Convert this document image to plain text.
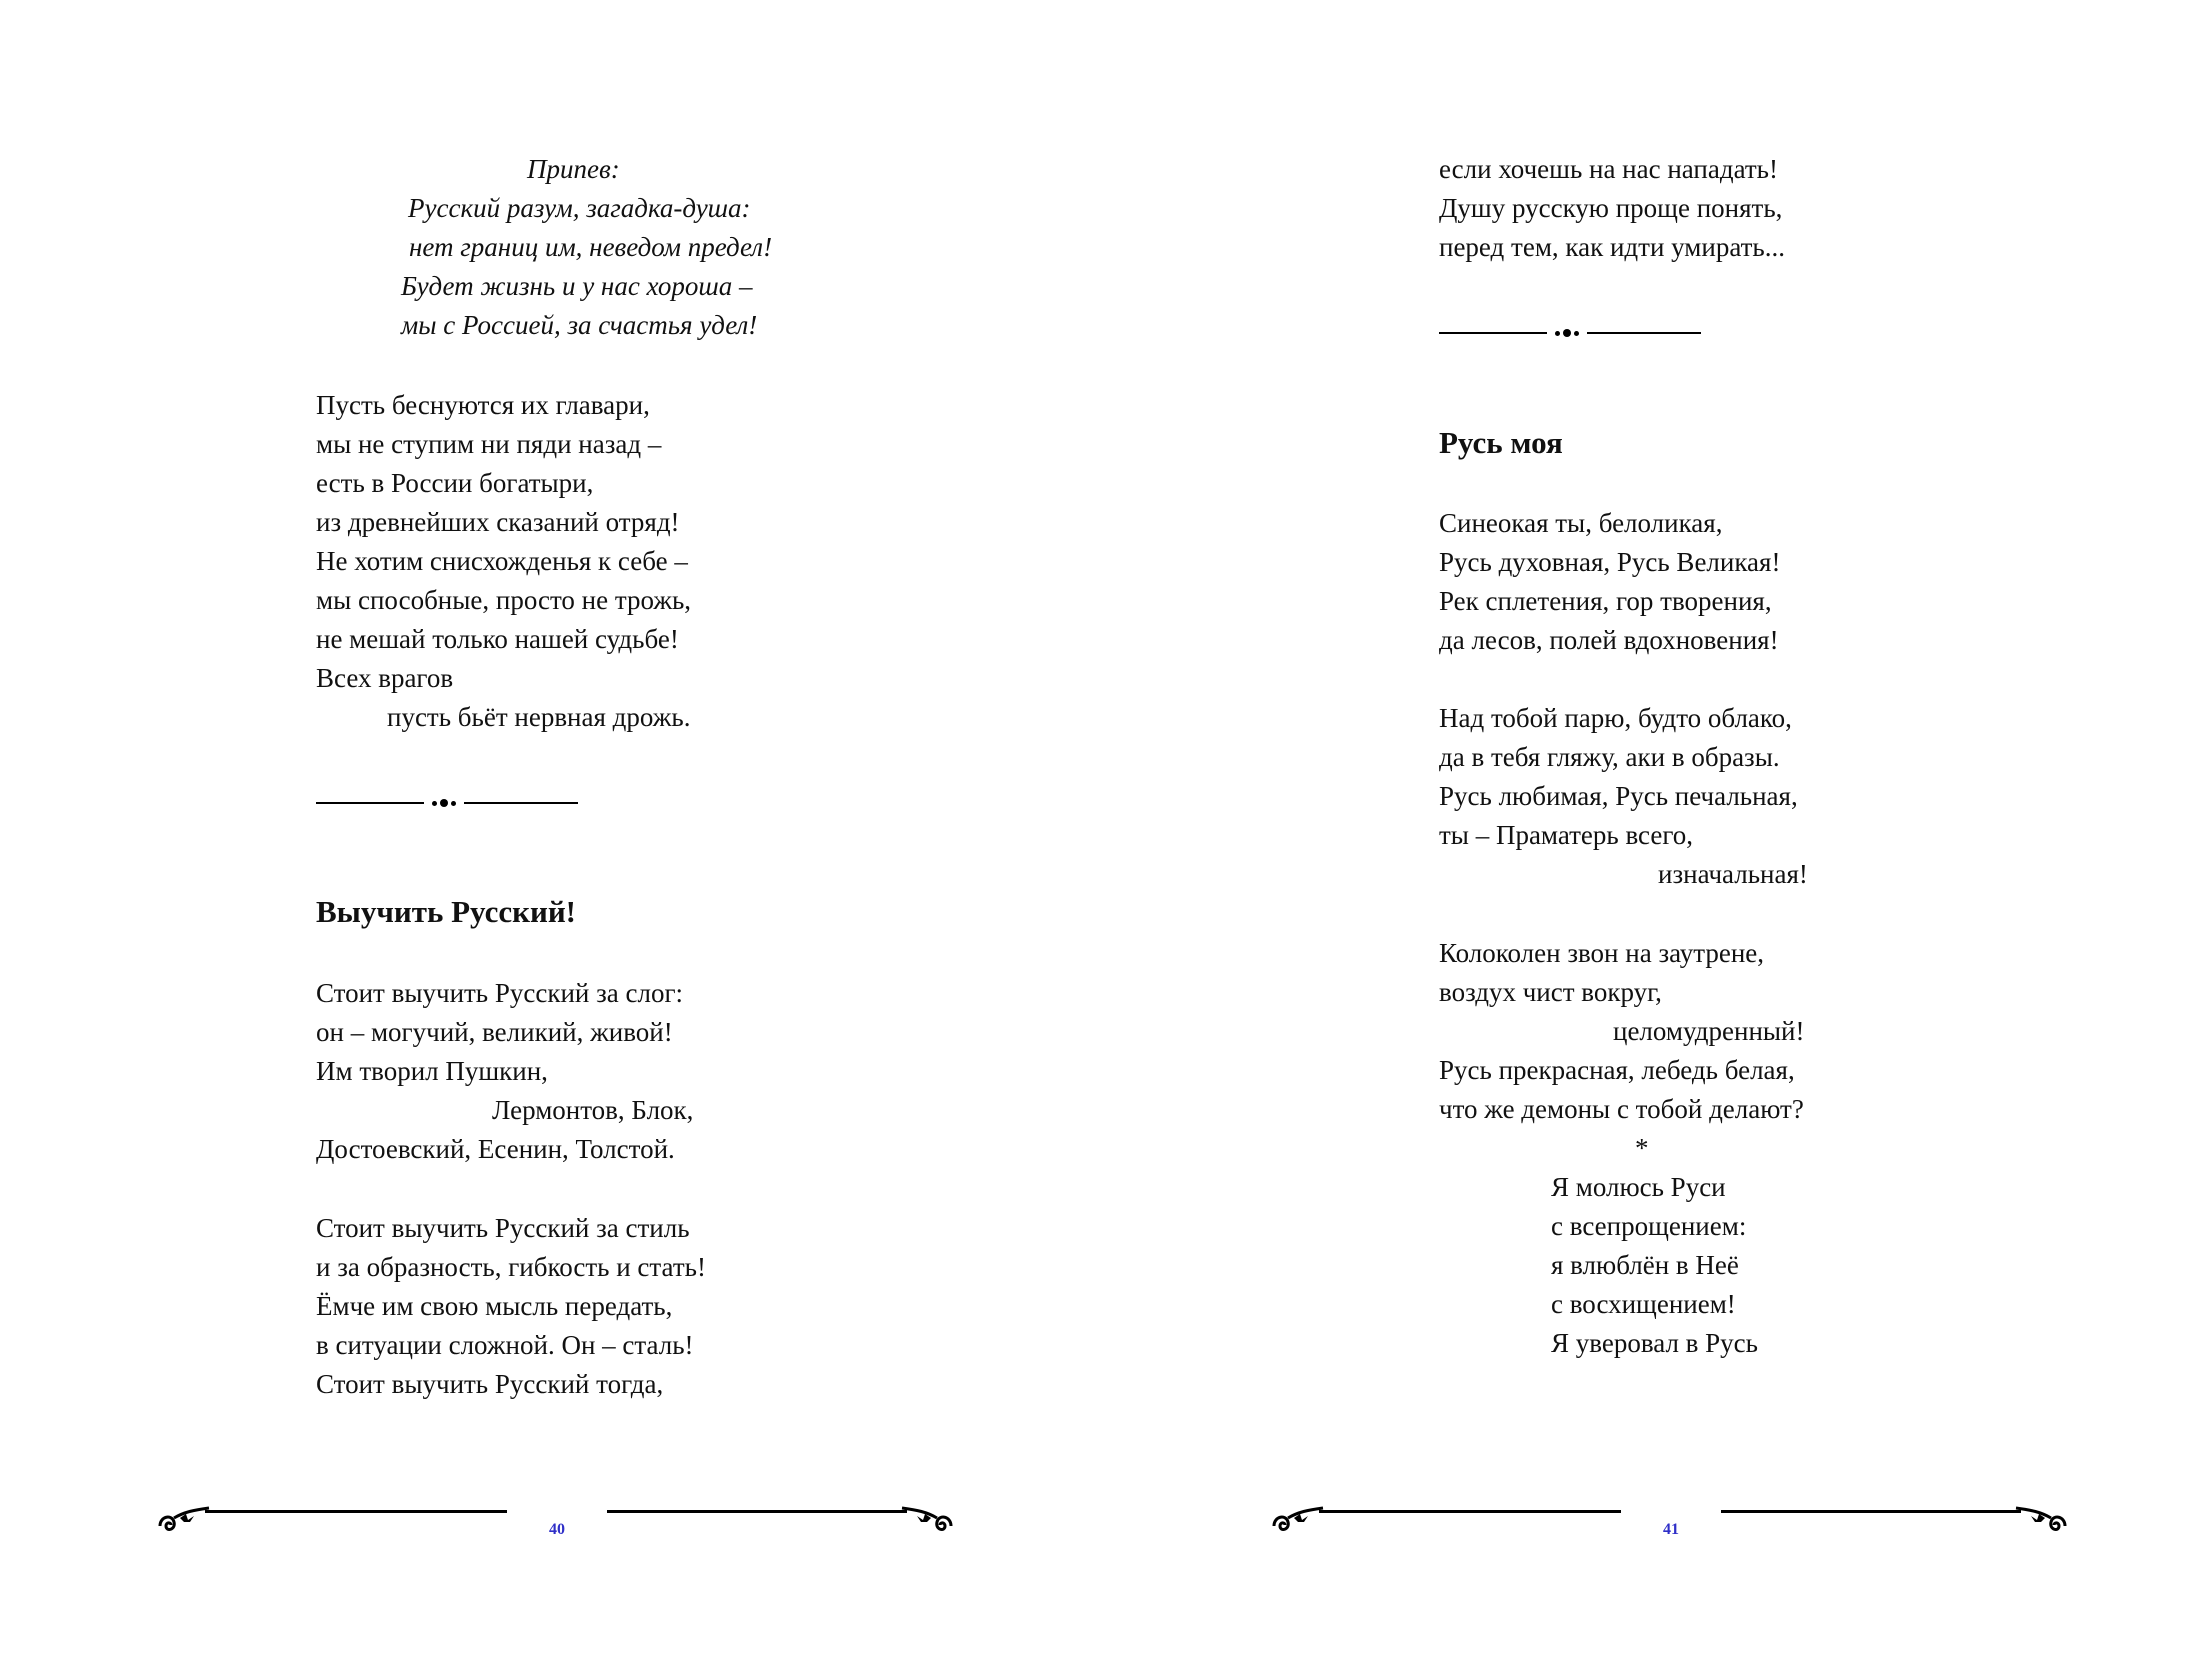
Припев:
Русский разум, загадка-душа:
нет границ им, неведом предел!
Будет жизнь и у нас хороша –
мы с Россией, за счастья удел!
Пусть беснуются их главари,
мы не ступим ни пяди назад –
есть в России богатыри,
из древнейших сказаний отряд!
Не хотим снисхожденья к себе –
мы способные, просто не трожь,
не мешай только нашей судьбе!
Всех врагов
пусть бьёт нервная дрожь.
Выучить Русский!
Стоит выучить Русский за слог:
он – могучий, великий, живой!
Им творил Пушкин,
Лермонтов, Блок,
Достоевский, Есенин, Толстой.
Стоит выучить Русский за стиль
и за образность, гибкость и стать!
Ёмче им свою мысль передать,
в ситуации сложной. Он – сталь!
Стоит выучить Русский тогда,
40
если хочешь на нас нападать!
Душу русскую проще понять,
перед тем, как идти умирать...
Русь моя
Синеокая ты, белоликая,
Русь духовная, Русь Великая!
Рек сплетения, гор творения,
да лесов, полей вдохновения!
Над тобой парю, будто облако,
да в тебя гляжу, аки в образы.
Русь любимая, Русь печальная,
ты – Праматерь всего,
изначальная!
Колоколен звон на заутрене,
воздух чист вокруг,
целомудренный!
Русь прекрасная, лебедь белая,
что же демоны с тобой делают?
*
Я молюсь Руси
с всепрощением:
я влюблён в Неё
с восхищением!
Я уверовал в Русь
41
